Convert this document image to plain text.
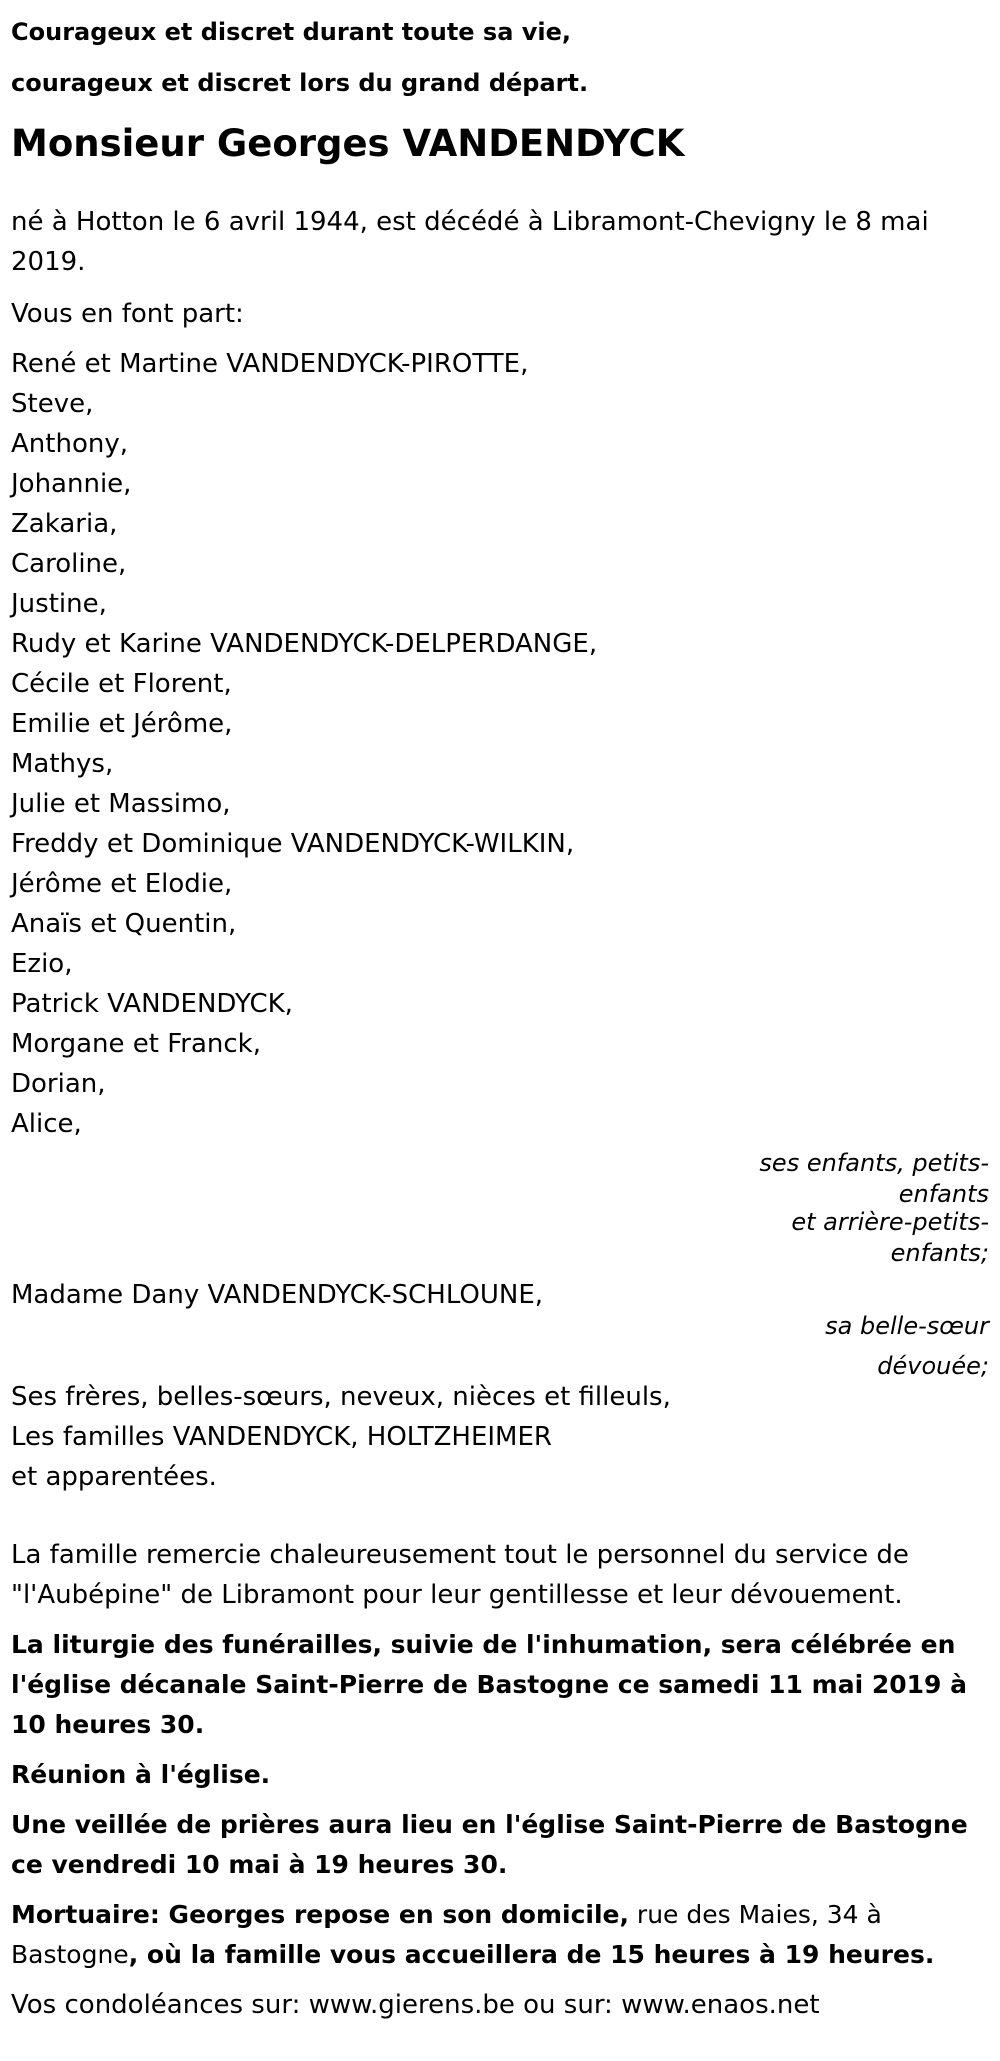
Courageux et discret durant toute sa vie,

courageux et discret lors du grand départ.

Monsieur Georges VANDENDYCK

né à Hotton le 6 avril 1944, est décédé à Libramont-Chevigny le 8 mai 2019.

Vous en font part:

René et Martine VANDENDYCK-PIROTTE,
Steve,
Anthony,
Johannie,
Zakaria,
Caroline,
Justine,
Rudy et Karine VANDENDYCK-DELPERDANGE,
Cécile et Florent,
Emilie et Jérôme,
Mathys,
Julie et Massimo,
Freddy et Dominique VANDENDYCK-WILKIN,
Jérôme et Elodie,
Anaïs et Quentin,
Ezio,
Patrick VANDENDYCK,
Morgane et Franck,
Dorian,
Alice,
ses enfants, petits-enfants
et arrière-petits-enfants;
Madame Dany VANDENDYCK-SCHLOUNE,
sa belle-sœur dévouée;

Ses frères, belles-sœurs, neveux, nièces et filleuls,

Les familles VANDENDYCK, HOLTZHEIMER

et apparentées.

La famille remercie chaleureusement tout le personnel du service de "l'Aubépine" de Libramont pour leur gentillesse et leur dévouement.

La liturgie des funérailles, suivie de l'inhumation, sera célébrée en l'église décanale Saint-Pierre de Bastogne ce samedi 11 mai 2019 à 10 heures 30.

Réunion à l'église.

Une veillée de prières aura lieu en l'église Saint-Pierre de Bastogne ce vendredi 10 mai à 19 heures 30.

Mortuaire: Georges repose en son domicile, rue des Maies, 34 à Bastogne, où la famille vous accueillera de 15 heures à 19 heures.

Vos condoléances sur: www.gierens.be ou sur: www.enaos.net
